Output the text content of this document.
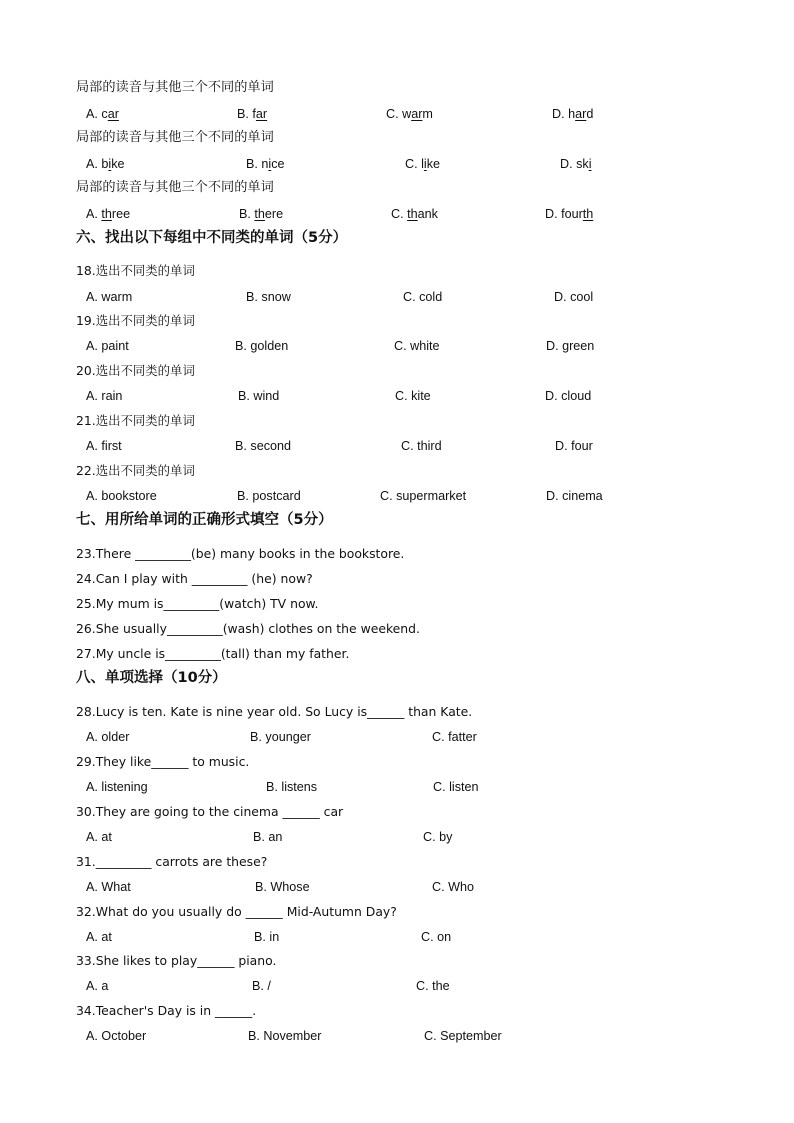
局部的读音与其他三个不同的单词
A. car	B. far	C. warm	D. hard
局部的读音与其他三个不同的单词
A. bike	B. nice	C. like	D. ski
局部的读音与其他三个不同的单词
A. three	B. there	C. thank	D. fourth
六、找出以下每组中不同类的单词（5分）
18.选出不同类的单词
A. warm	B. snow	C. cold	D. cool
19.选出不同类的单词
A. paint	B. golden	C. white	D. green
20.选出不同类的单词
A. rain	B. wind	C. kite	D. cloud
21.选出不同类的单词
A. first	B. second	C. third	D. four
22.选出不同类的单词
A. bookstore	B. postcard	C. supermarket	D. cinema
七、用所给单词的正确形式填空（5分）
23.There _________(be) many books in the bookstore.
24.Can I play with _________ (he) now?
25.My mum is_________(watch) TV now.
26.She usually_________(wash) clothes on the weekend.
27.My uncle is_________(tall) than my father.
八、单项选择（10分）
28.Lucy is ten. Kate is nine year old. So Lucy is______ than Kate.
A. older	B. younger	C. fatter
29.They like______ to music.
A. listening	B. listens	C. listen
30.They are going to the cinema ______ car
A. at	B. an	C. by
31._________ carrots are these?
A. What	B. Whose	C. Who
32.What do you usually do ______ Mid-Autumn Day?
A. at	B. in	C. on
33.She likes to play______ piano.
A. a	B. /	C. the
34.Teacher's Day is in ______.
A. October	B. November	C. September
